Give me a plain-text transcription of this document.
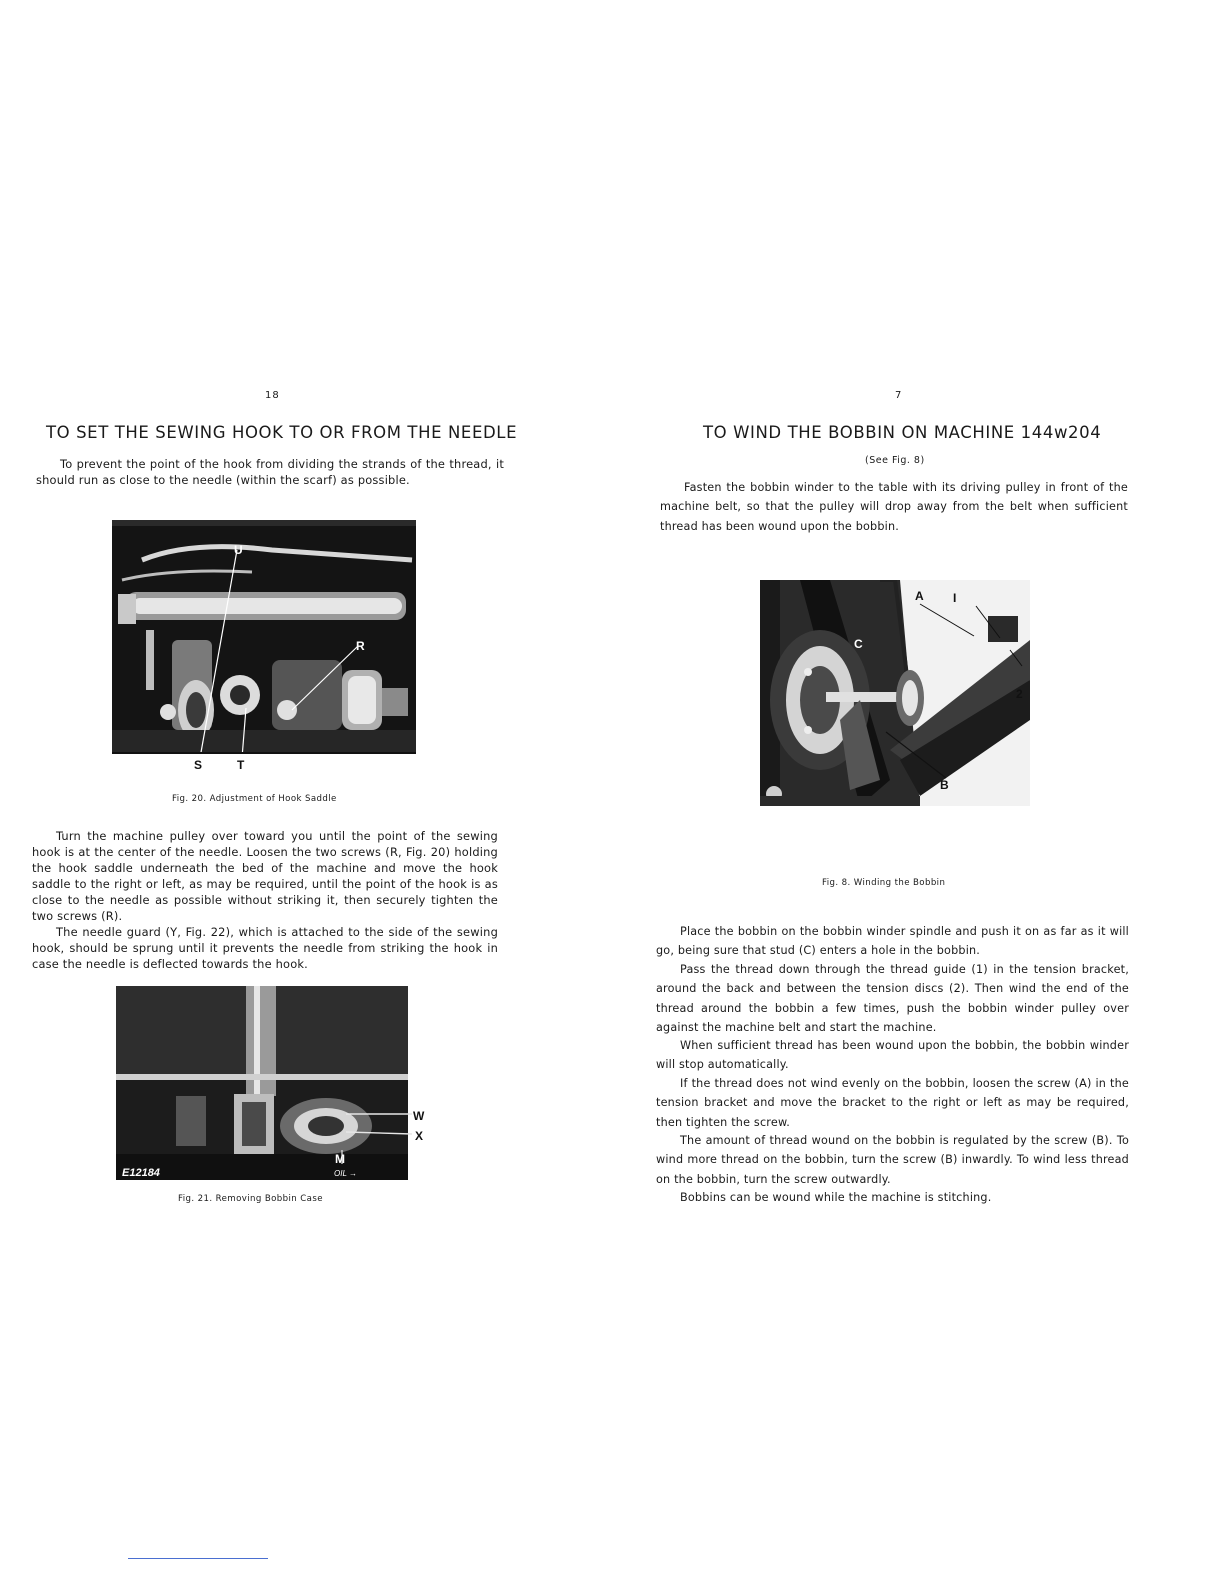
18
TO SET THE SEWING HOOK TO OR FROM THE NEEDLE

To prevent the point of the hook from dividing the strands of the thread, it should run as close to the needle (within the scarf) as possible.

U
R
S	T
Fig. 20. Adjustment of Hook Saddle

Turn the machine pulley over toward you until the point of the sewing hook is at the center of the needle. Loosen the two screws (R, Fig. 20) holding the hook saddle underneath the bed of the machine and move the hook saddle to the right or left, as may be required, until the point of the hook is as close to the needle as possible without striking it, then securely tighten the two screws (R).

The needle guard (Y, Fig. 22), which is attached to the side of the sewing hook, should be sprung until it prevents the needle from striking the hook in case the needle is deflected towards the hook.

W
X
M
E12184	OIL →
Fig. 21. Removing Bobbin Case
7
TO WIND THE BOBBIN ON MACHINE 144w204
(See Fig. 8)

Fasten the bobbin winder to the table with its driving pulley in front of the machine belt, so that the pulley will drop away from the belt when sufficient thread has been wound upon the bobbin.

A I
C
2
B
Fig. 8. Winding the Bobbin

Place the bobbin on the bobbin winder spindle and push it on as far as it will go, being sure that stud (C) enters a hole in the bobbin.

Pass the thread down through the thread guide (1) in the tension bracket, around the back and between the tension discs (2). Then wind the end of the thread around the bobbin a few times, push the bobbin winder pulley over against the machine belt and start the machine.

When sufficient thread has been wound upon the bobbin, the bobbin winder will stop automatically.

If the thread does not wind evenly on the bobbin, loosen the screw (A) in the tension bracket and move the bracket to the right or left as may be required, then tighten the screw.

The amount of thread wound on the bobbin is regulated by the screw (B). To wind more thread on the bobbin, turn the screw (B) inwardly. To wind less thread on the bobbin, turn the screw outwardly.

Bobbins can be wound while the machine is stitching.
